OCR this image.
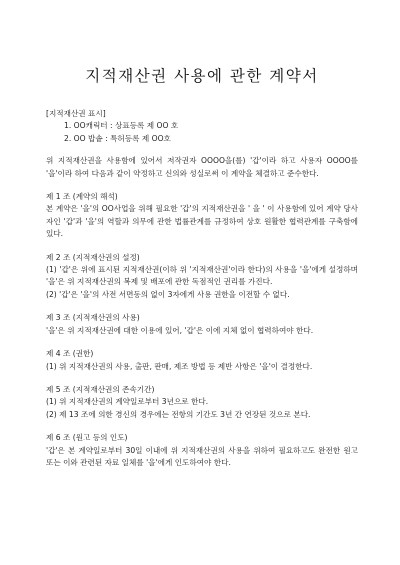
지적재산권 사용에 관한 계약서

[지적재산권 표시]

1. OO캐릭터 : 상표등록 제 OO 호
2. OO 밥솥 : 특허등록 제 OO호

위 지적재산권을 사용함에 있어서 저작권자 OOOO을(를) '갑'이라 하고 사용자 OOOO를 '을'이라 하여 다음과 같이 약정하고 신의와 성실로써 이 계약을 체결하고 준수한다.

제 1 조 (계약의 해석)

본 계약은 '을'의 OO사업을 위해 필요한 '갑'의 지적재산권을 ' 을 ' 이 사용함에 있어 계약 당사자인 '갑'과 '을'의 역할과 의무에 관한 법률관계를 규정하여 상호 원활한 협력관계를 구축함에 있다.

제 2 조 (지적재산권의 설정)

(1) '갑'은 위에 표시된 지적재산권(이하 위 '지적재산권'이라 한다)의 사용을 '을'에게 설정하며 '을'은 위 지적재산권의 복제 및 배포에 관한 독점적인 권리를 가진다.

(2) '갑'은 '을'의 사전 서면동의 없이 3자에게 사용 권한을 이전할 수 없다.

제 3 조 (지적재산권의 사용)

'을'은 위 지적재산권에 대한 이용에 있어, '갑'은 이에 지체 없이 협력하여야 한다.

제 4 조 (권한)

(1) 위 지적재산권의 사용, 출판, 판매, 제조 방법 등 제반 사항은 '을'이 결정한다.

제 5 조 (지적재산권의 존속기간)

(1) 위 지적재산권의 계약일로부터 3년으로 한다.

(2) 제 13 조에 의한 경신의 경우에는 전항의 기간도 3년 간 연장된 것으로 본다.

제 6 조 (원고 등의 인도)

'갑'은 본 계약일로부터 30일 이내에 위 지적재산권의 사용을 위하여 필요하고도 완전한 원고 또는 이와 관련된 자료 일체를 '을'에게 인도하여야 한다.
